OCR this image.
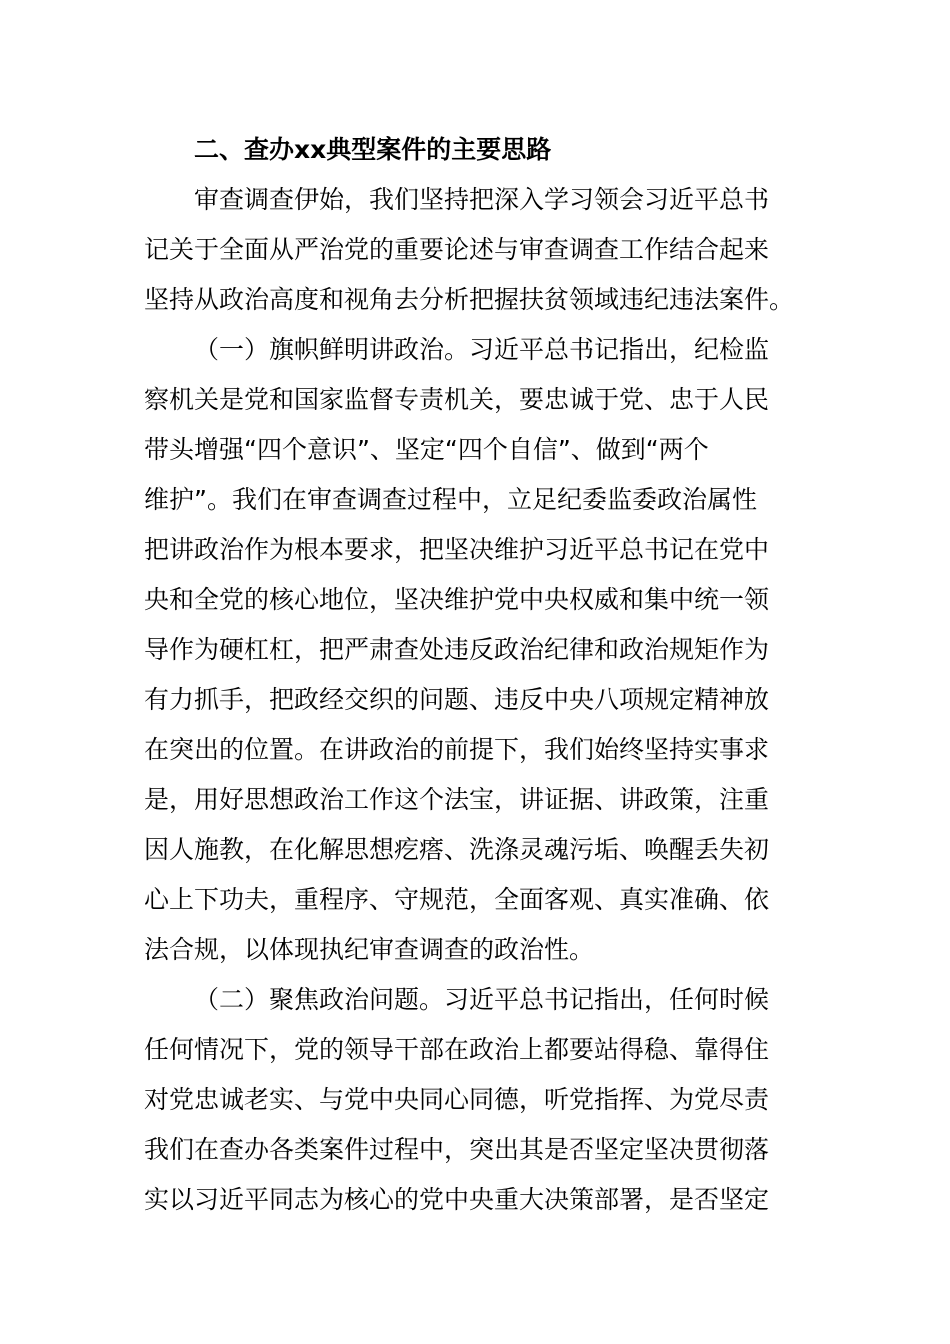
二、查办xx典型案件的主要思路
审查调查伊始，我们坚持把深入学习领会习近平总书
记关于全面从严治党的重要论述与审查调查工作结合起来
坚持从政治高度和视角去分析把握扶贫领域违纪违法案件。
（一）旗帜鲜明讲政治。习近平总书记指出，纪检监
察机关是党和国家监督专责机关，要忠诚于党、忠于人民
带头增强“四个意识”、坚定“四个自信”、做到“两个
维护”。我们在审查调查过程中，立足纪委监委政治属性
把讲政治作为根本要求，把坚决维护习近平总书记在党中
央和全党的核心地位，坚决维护党中央权威和集中统一领
导作为硬杠杠，把严肃查处违反政治纪律和政治规矩作为
有力抓手，把政经交织的问题、违反中央八项规定精神放
在突出的位置。在讲政治的前提下，我们始终坚持实事求
是，用好思想政治工作这个法宝，讲证据、讲政策，注重
因人施教，在化解思想疙瘩、洗涤灵魂污垢、唤醒丢失初
心上下功夫，重程序、守规范，全面客观、真实准确、依
法合规，以体现执纪审查调查的政治性。
（二）聚焦政治问题。习近平总书记指出，任何时候
任何情况下，党的领导干部在政治上都要站得稳、靠得住
对党忠诚老实、与党中央同心同德，听党指挥、为党尽责
我们在查办各类案件过程中，突出其是否坚定坚决贯彻落
实以习近平同志为核心的党中央重大决策部署，是否坚定
